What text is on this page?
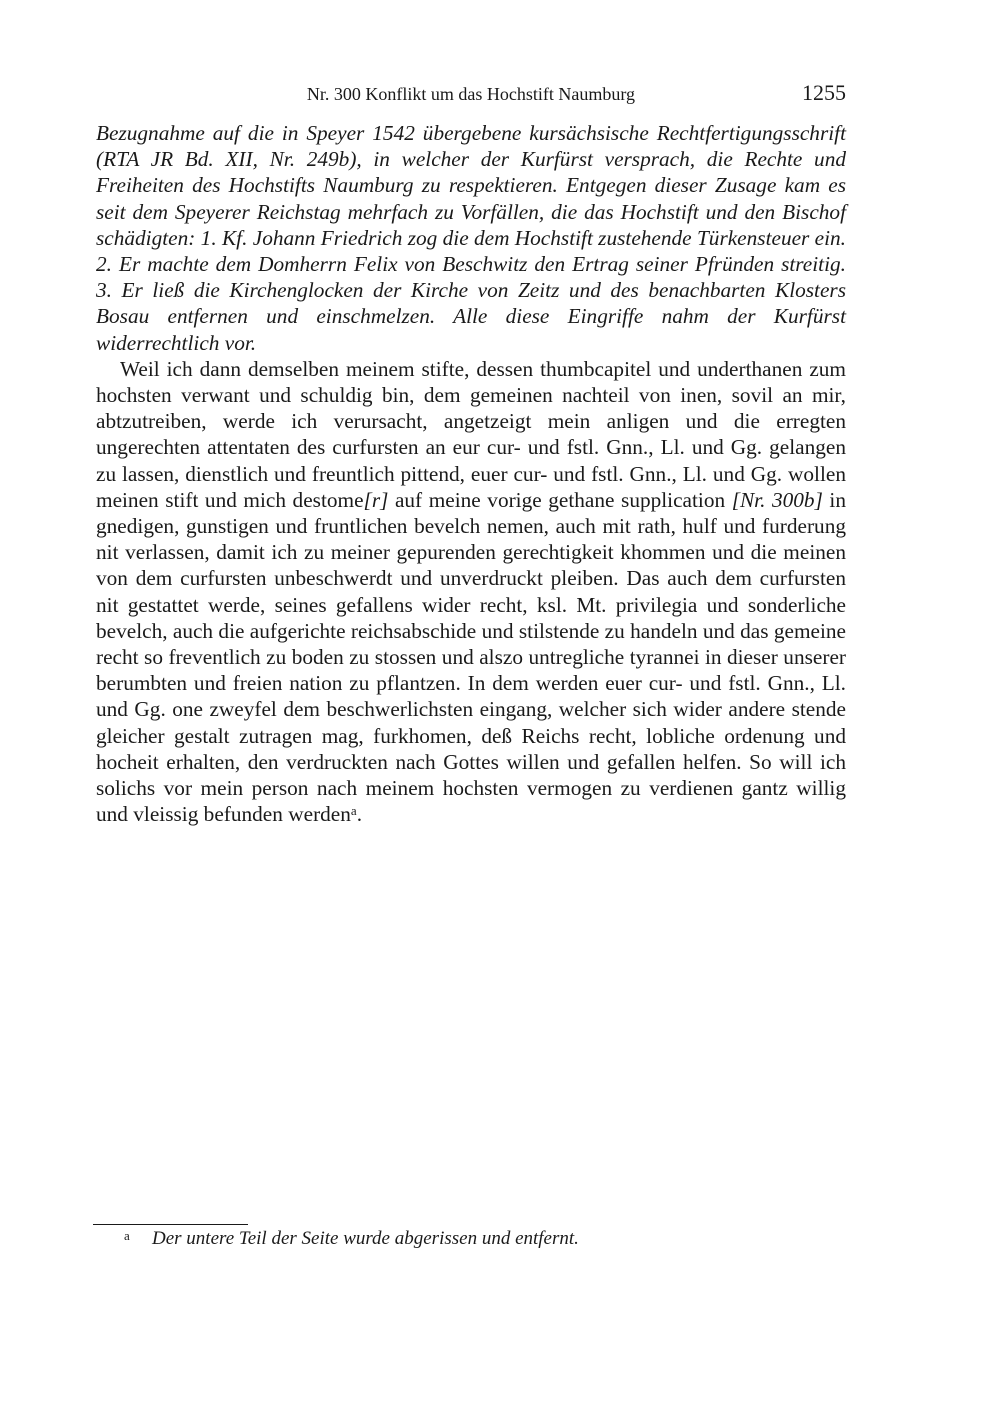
Nr. 300 Konflikt um das Hochstift Naumburg	1255

Bezugnahme auf die in Speyer 1542 übergebene kursächsische Rechtfertigungsschrift (RTA JR Bd. XII, Nr. 249b), in welcher der Kurfürst versprach, die Rechte und Freiheiten des Hochstifts Naumburg zu respektieren. Entgegen dieser Zusage kam es seit dem Speyerer Reichstag mehrfach zu Vorfällen, die das Hochstift und den Bischof schädigten: 1. Kf. Johann Friedrich zog die dem Hochstift zustehende Türkensteuer ein. 2. Er machte dem Domherrn Felix von Beschwitz den Ertrag seiner Pfründen streitig. 3. Er ließ die Kirchenglocken der Kirche von Zeitz und des benachbarten Klosters Bosau entfernen und einschmelzen. Alle diese Eingriffe nahm der Kurfürst widerrechtlich vor.

Weil ich dann demselben meinem stifte, dessen thumbcapitel und underthanen zum hochsten verwant und schuldig bin, dem gemeinen nachteil von inen, sovil an mir, abtzutreiben, werde ich verursacht, angetzeigt mein anligen und die erregten ungerechten attentaten des curfursten an eur cur- und fstl. Gnn., Ll. und Gg. gelangen zu lassen, dienstlich und freuntlich pittend, euer cur- und fstl. Gnn., Ll. und Gg. wollen meinen stift und mich destome[r] auf meine vorige gethane supplication [Nr. 300b] in gnedigen, gunstigen und fruntlichen bevelch nemen, auch mit rath, hulf und furderung nit verlassen, damit ich zu meiner gepurenden gerechtigkeit khommen und die meinen von dem curfursten unbeschwerdt und unverdruckt pleiben. Das auch dem curfursten nit gestattet werde, seines gefallens wider recht, ksl. Mt. privilegia und sonderliche bevelch, auch die aufgerichte reichsabschide und stilstende zu handeln und das gemeine recht so freventlich zu boden zu stossen und alszo untregliche tyrannei in dieser unserer berumbten und freien nation zu pflantzen. In dem werden euer cur- und fstl. Gnn., Ll. und Gg. one zweyfel dem beschwerlichsten eingang, welcher sich wider andere stende gleicher gestalt zutragen mag, furkhomen, deß Reichs recht, lobliche ordenung und hocheit erhalten, den verdruckten nach Gottes willen und gefallen helfen. So will ich solichs vor mein person nach meinem hochsten vermogen zu verdienen gantz willig und vleissig befunden werden$^a$.

a Der untere Teil der Seite wurde abgerissen und entfernt.
